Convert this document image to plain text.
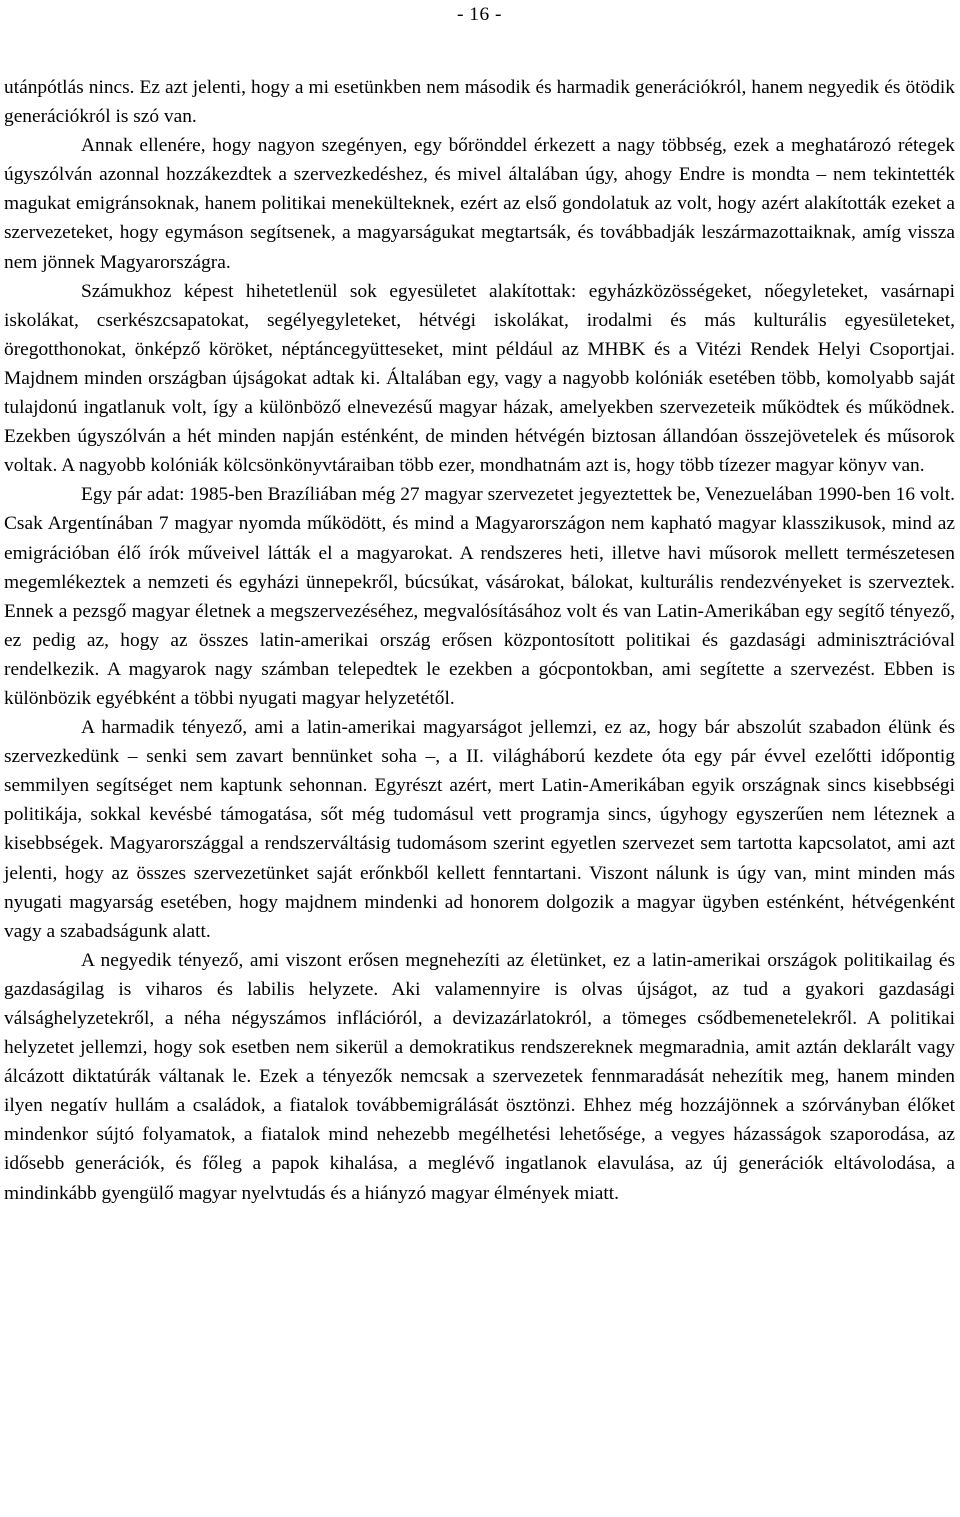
- 16 -

utánpótlás nincs. Ez azt jelenti, hogy a mi esetünkben nem második és harmadik generációkról, hanem negyedik és ötödik generációkról is szó van.

Annak ellenére, hogy nagyon szegényen, egy bőrönddel érkezett a nagy többség, ezek a meghatározó rétegek úgyszólván azonnal hozzákezdtek a szervezkedéshez, és mivel általában úgy, ahogy Endre is mondta – nem tekintették magukat emigránsoknak, hanem politikai menekülteknek, ezért az első gondolatuk az volt, hogy azért alakították ezeket a szervezeteket, hogy egymáson segítsenek, a magyarságukat megtartsák, és továbbadják leszármazottaiknak, amíg vissza nem jönnek Magyarországra.

Számukhoz képest hihetetlenül sok egyesületet alakítottak: egyházközösségeket, nőegyleteket, vasárnapi iskolákat, cserkészcsapatokat, segélyegyleteket, hétvégi iskolákat, irodalmi és más kulturális egyesületeket, öregotthonokat, önképző köröket, néptáncegyütteseket, mint például az MHBK és a Vitézi Rendek Helyi Csoportjai. Majdnem minden országban újságokat adtak ki. Általában egy, vagy a nagyobb kolóniák esetében több, komolyabb saját tulajdonú ingatlanuk volt, így a különböző elnevezésű magyar házak, amelyekben szervezeteik működtek és működnek. Ezekben úgyszólván a hét minden napján esténként, de minden hétvégén biztosan állandóan összejövetelek és műsorok voltak. A nagyobb kolóniák kölcsönkönyvtáraiban több ezer, mondhatnám azt is, hogy több tízezer magyar könyv van.

Egy pár adat: 1985-ben Brazíliában még 27 magyar szervezetet jegyeztettek be, Venezuelában 1990-ben 16 volt. Csak Argentínában 7 magyar nyomda működött, és mind a Magyarországon nem kapható magyar klasszikusok, mind az emigrációban élő írók műveivel látták el a magyarokat. A rendszeres heti, illetve havi műsorok mellett természetesen megemlékeztek a nemzeti és egyházi ünnepekről, búcsúkat, vásárokat, bálokat, kulturális rendezvényeket is szerveztek. Ennek a pezsgő magyar életnek a megszervezéséhez, megvalósításához volt és van Latin-Amerikában egy segítő tényező, ez pedig az, hogy az összes latin-amerikai ország erősen központosított politikai és gazdasági adminisztrációval rendelkezik. A magyarok nagy számban telepedtek le ezekben a gócpontokban, ami segítette a szervezést. Ebben is különbözik egyébként a többi nyugati magyar helyzetétől.

A harmadik tényező, ami a latin-amerikai magyarságot jellemzi, ez az, hogy bár abszolút szabadon élünk és szervezkedünk – senki sem zavart bennünket soha –, a II. világháború kezdete óta egy pár évvel ezelőtti időpontig semmilyen segítséget nem kaptunk sehonnan. Egyrészt azért, mert Latin-Amerikában egyik országnak sincs kisebbségi politikája, sokkal kevésbé támogatása, sőt még tudomásul vett programja sincs, úgyhogy egyszerűen nem léteznek a kisebbségek. Magyarországgal a rendszerváltásig tudomásom szerint egyetlen szervezet sem tartotta kapcsolatot, ami azt jelenti, hogy az összes szervezetünket saját erőnkből kellett fenntartani. Viszont nálunk is úgy van, mint minden más nyugati magyarság esetében, hogy majdnem mindenki ad honorem dolgozik a magyar ügyben esténként, hétvégenként vagy a szabadságunk alatt.

A negyedik tényező, ami viszont erősen megnehezíti az életünket, ez a latin-amerikai országok politikailag és gazdaságilag is viharos és labilis helyzete. Aki valamennyire is olvas újságot, az tud a gyakori gazdasági válsághelyzetekről, a néha négyszámos inflációról, a devizazárlatokról, a tömeges csődbemenetelekről. A politikai helyzetet jellemzi, hogy sok esetben nem sikerül a demokratikus rendszereknek megmaradnia, amit aztán deklarált vagy álcázott diktatúrák váltanak le. Ezek a tényezők nemcsak a szervezetek fennmaradását nehezítik meg, hanem minden ilyen negatív hullám a családok, a fiatalok továbbemigrálását ösztönzi. Ehhez még hozzájönnek a szórványban élőket mindenkor sújtó folyamatok, a fiatalok mind nehezebb megélhetési lehetősége, a vegyes házasságok szaporodása, az idősebb generációk, és főleg a papok kihalása, a meglévő ingatlanok elavulása, az új generációk eltávolodása, a mindinkább gyengülő magyar nyelvtudás és a hiányzó magyar élmények miatt.
